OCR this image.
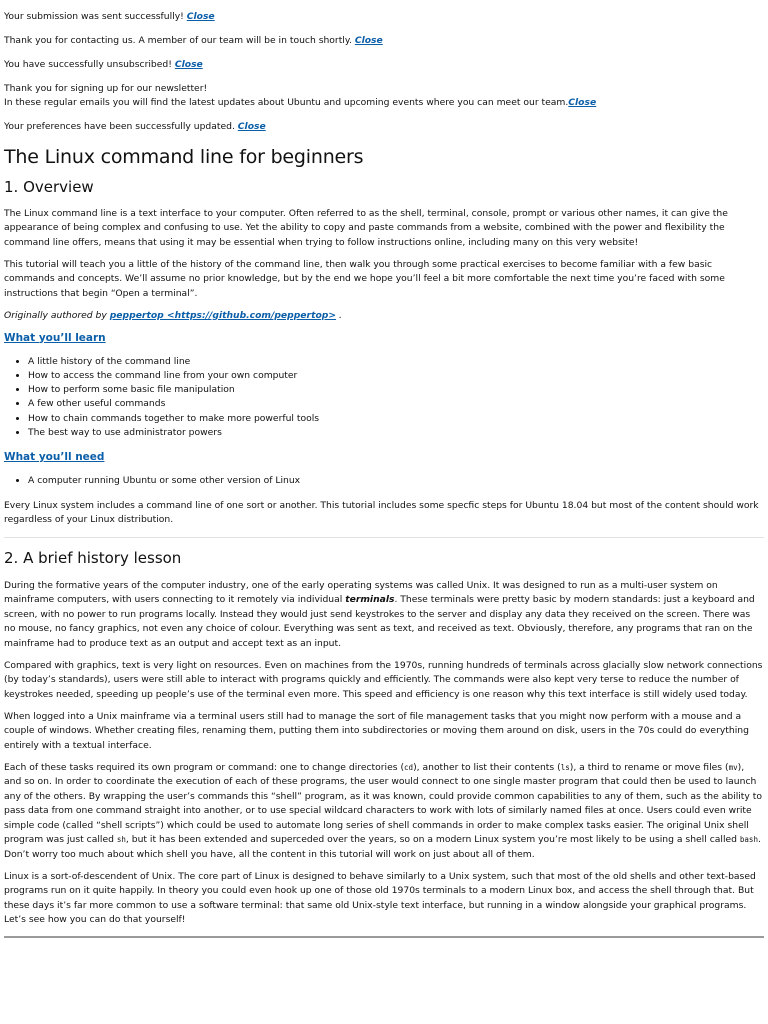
Your submission was sent successfully! Close

Thank you for contacting us. A member of our team will be in touch shortly. Close

You have successfully unsubscribed! Close

Thank you for signing up for our newsletter!
In these regular emails you will find the latest updates about Ubuntu and upcoming events where you can meet our team.Close

Your preferences have been successfully updated. Close

The Linux command line for beginners
1. Overview

The Linux command line is a text interface to your computer. Often referred to as the shell, terminal, console, prompt or various other names, it can give the appearance of being complex and confusing to use. Yet the ability to copy and paste commands from a website, combined with the power and flexibility the command line offers, means that using it may be essential when trying to follow instructions online, including many on this very website!

This tutorial will teach you a little of the history of the command line, then walk you through some practical exercises to become familiar with a few basic commands and concepts. We’ll assume no prior knowledge, but by the end we hope you’ll feel a bit more comfortable the next time you’re faced with some instructions that begin “Open a terminal”.

Originally authored by peppertop <https://github.com/peppertop> .

What you’ll learn
• A little history of the command line
• How to access the command line from your own computer
• How to perform some basic file manipulation
• A few other useful commands
• How to chain commands together to make more powerful tools
• The best way to use administrator powers
What you’ll need
• A computer running Ubuntu or some other version of Linux

Every Linux system includes a command line of one sort or another. This tutorial includes some specfic steps for Ubuntu 18.04 but most of the content should work regardless of your Linux distribution.

2. A brief history lesson

During the formative years of the computer industry, one of the early operating systems was called Unix. It was designed to run as a multi-user system on mainframe computers, with users connecting to it remotely via individual terminals. These terminals were pretty basic by modern standards: just a keyboard and screen, with no power to run programs locally. Instead they would just send keystrokes to the server and display any data they received on the screen. There was no mouse, no fancy graphics, not even any choice of colour. Everything was sent as text, and received as text. Obviously, therefore, any programs that ran on the mainframe had to produce text as an output and accept text as an input.

Compared with graphics, text is very light on resources. Even on machines from the 1970s, running hundreds of terminals across glacially slow network connections (by today’s standards), users were still able to interact with programs quickly and efficiently. The commands were also kept very terse to reduce the number of keystrokes needed, speeding up people’s use of the terminal even more. This speed and efficiency is one reason why this text interface is still widely used today.

When logged into a Unix mainframe via a terminal users still had to manage the sort of file management tasks that you might now perform with a mouse and a couple of windows. Whether creating files, renaming them, putting them into subdirectories or moving them around on disk, users in the 70s could do everything entirely with a textual interface.

Each of these tasks required its own program or command: one to change directories (cd), another to list their contents (ls), a third to rename or move files (mv), and so on. In order to coordinate the execution of each of these programs, the user would connect to one single master program that could then be used to launch any of the others. By wrapping the user’s commands this “shell” program, as it was known, could provide common capabilities to any of them, such as the ability to pass data from one command straight into another, or to use special wildcard characters to work with lots of similarly named files at once. Users could even write simple code (called “shell scripts”) which could be used to automate long series of shell commands in order to make complex tasks easier. The original Unix shell program was just called sh, but it has been extended and superceded over the years, so on a modern Linux system you’re most likely to be using a shell called bash. Don’t worry too much about which shell you have, all the content in this tutorial will work on just about all of them.

Linux is a sort-of-descendent of Unix. The core part of Linux is designed to behave similarly to a Unix system, such that most of the old shells and other text-based programs run on it quite happily. In theory you could even hook up one of those old 1970s terminals to a modern Linux box, and access the shell through that. But these days it’s far more common to use a software terminal: that same old Unix-style text interface, but running in a window alongside your graphical programs. Let’s see how you can do that yourself!
